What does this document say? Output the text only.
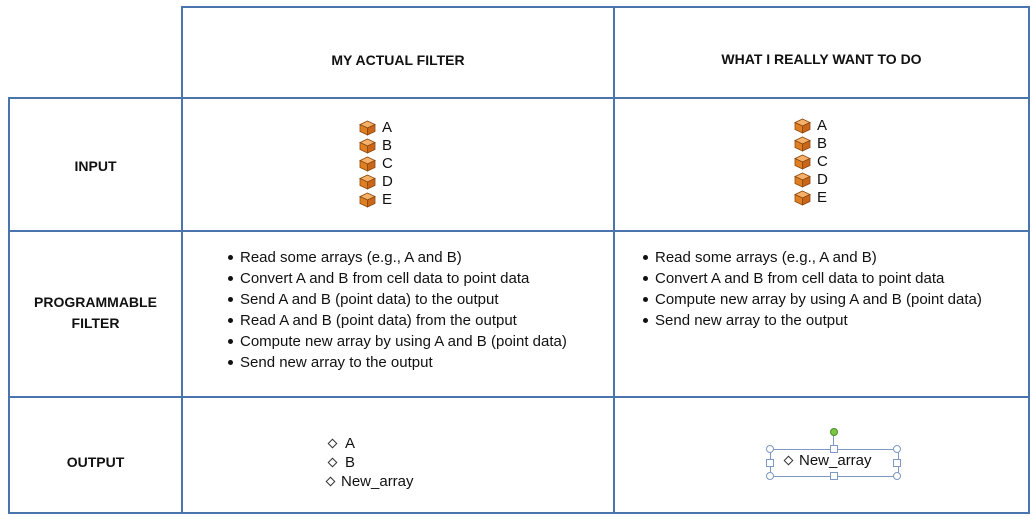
MY ACTUAL FILTER	WHAT I REALLY WANT TO DO
INPUT
PROGRAMMABLE
FILTER
OUTPUT
A
B
C
D
E
A
B
C
D
E
Read some arrays (e.g., A and B)
Convert A and B from cell data to point data
Send A and B (point data) to the output
Read A and B (point data) from the output
Compute new array by using A and B (point data)
Send new array to the output
Read some arrays (e.g., A and B)
Convert A and B from cell data to point data
Compute new array by using A and B (point data)
Send new array to the output
A
B
New_array
New_array
